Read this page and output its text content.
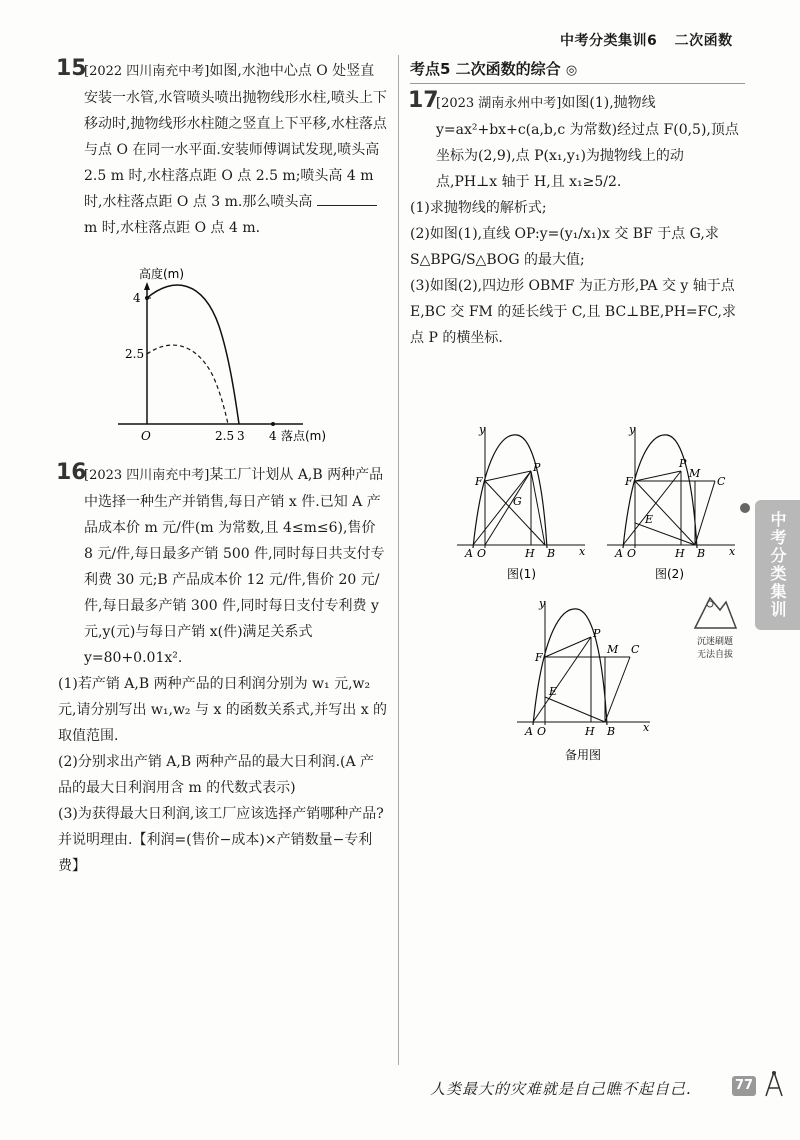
中考分类集训6 二次函数
15

[2022 四川南充中考]如图,水池中心点 O 处竖直安装一水管,水管喷头喷出抛物线形水柱,喷头上下移动时,抛物线形水柱随之竖直上下平移,水柱落点与点 O 在同一水平面.安装师傅调试发现,喷头高 2.5 m 时,水柱落点距 O 点 2.5 m;喷头高 4 m 时,水柱落点距 O 点 3 m.那么喷头高  m 时,水柱落点距 O 点 4 m.

高度(m)
4
2.5
O	2.5 3 4 落点(m)
16

[2023 四川南充中考]某工厂计划从 A,B 两种产品中选择一种生产并销售,每日产销 x 件.已知 A 产品成本价 m 元/件(m 为常数,且 4≤m≤6),售价 8 元/件,每日最多产销 500 件,同时每日共支付专利费 30 元;B 产品成本价 12 元/件,售价 20 元/件,每日最多产销 300 件,同时每日支付专利费 y 元,y(元)与每日产销 x(件)满足关系式 y=80+0.01x².

(1)若产销 A,B 两种产品的日利润分别为 w₁ 元,w₂ 元,请分别写出 w₁,w₂ 与 x 的函数关系式,并写出 x 的取值范围.

(2)分别求出产销 A,B 两种产品的最大日利润.(A 产品的最大日利润用含 m 的代数式表示)

(3)为获得最大日利润,该工厂应该选择产销哪种产品?并说明理由.【利润=(售价−成本)×产销数量−专利费】

考点5 二次函数的综合 ◎
17

[2023 湖南永州中考]如图(1),抛物线 y=ax²+bx+c(a,b,c 为常数)经过点 F(0,5),顶点坐标为(2,9),点 P(x₁,y₁)为抛物线上的动点,PH⊥x 轴于 H,且 x₁≥5/2.

(1)求抛物线的解析式;

(2)如图(1),直线 OP:y=(y₁/x₁)x 交 BF 于点 G,求 S△BPG/S△BOG 的最大值;

(3)如图(2),四边形 OBMF 为正方形,PA 交 y 轴于点 E,BC 交 FM 的延长线于 C,且 BC⊥BE,PH=FC,求点 P 的横坐标.

y
F
P
G
A O	H B x
图(1)
y
F
P
M
C
E
A O	H B x
图(2)
y
F
P
M C
E
A O	H B	x
备用图
沉迷刷题
无法自拔
中考分类集训
人类最大的灾难就是自己瞧不起自己.	77
